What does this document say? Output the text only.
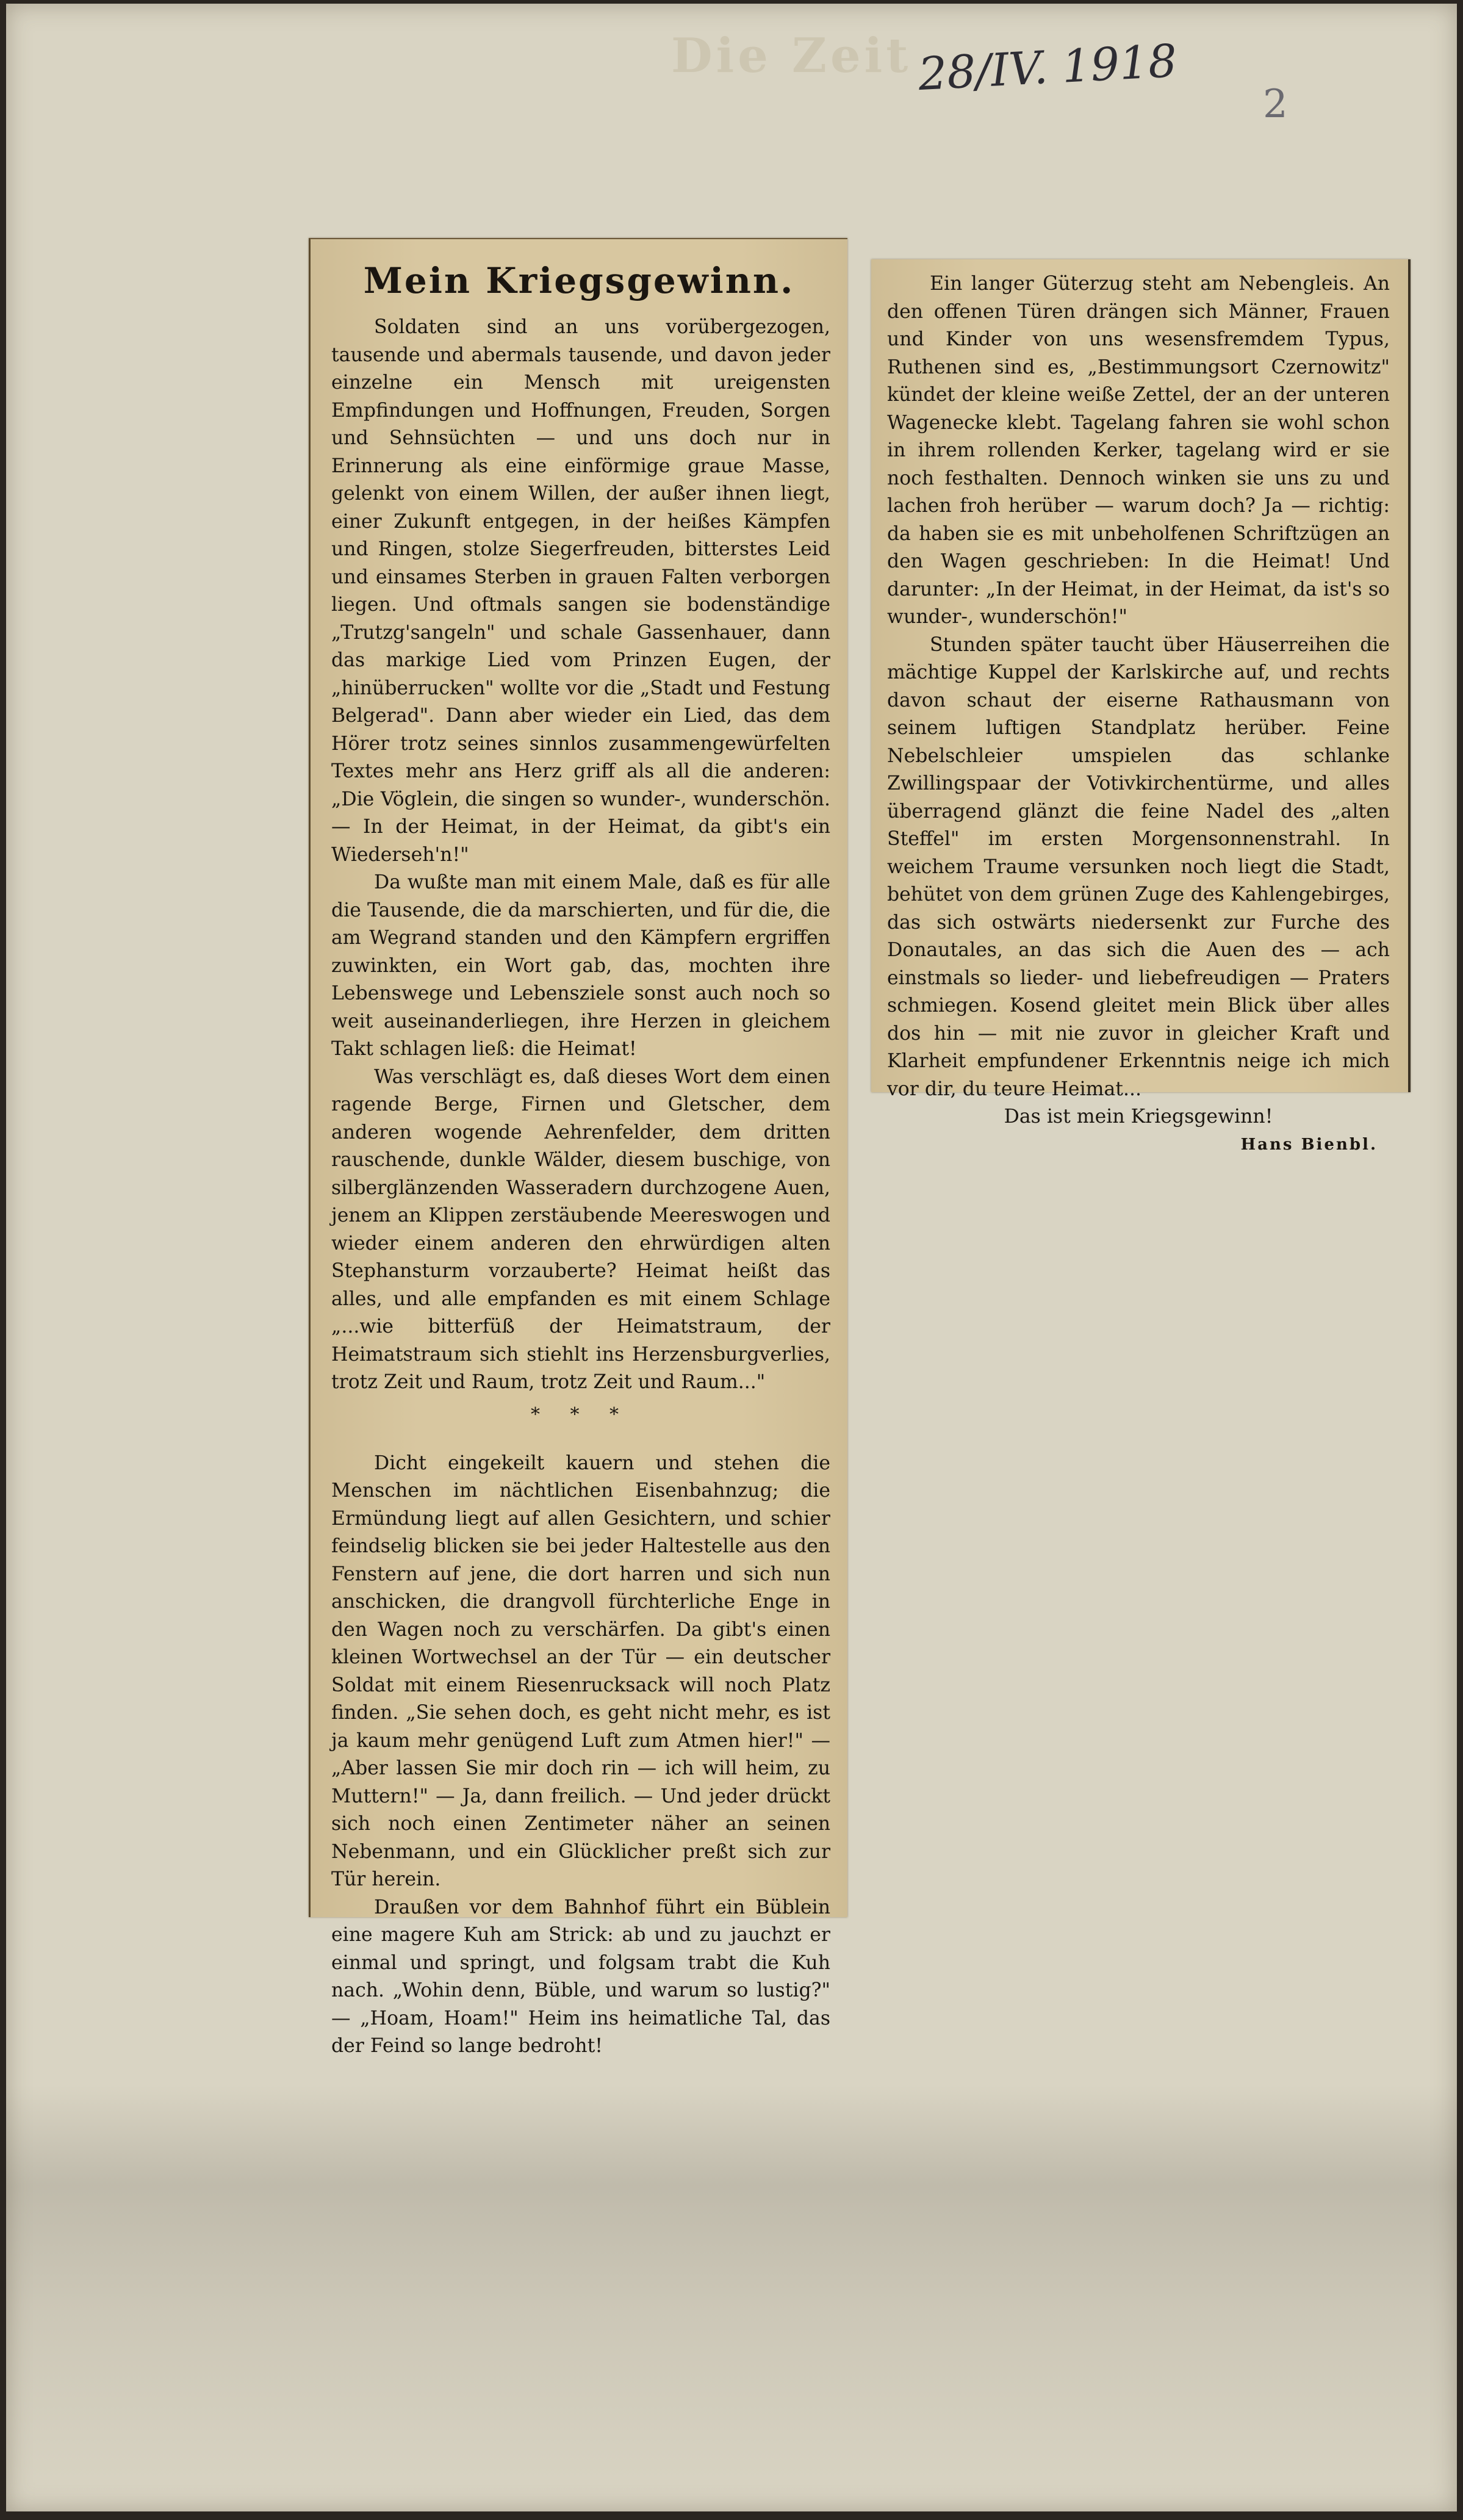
Die Zeit 28/IV. 1918
2
Mein Kriegsgewinn.

Soldaten sind an uns vorübergezogen, tausende und abermals tausende, und davon jeder einzelne ein Mensch mit ureigensten Empfindungen und Hoffnungen, Freuden, Sorgen und Sehnsüchten — und uns doch nur in Erinnerung als eine einförmige graue Masse, gelenkt von einem Willen, der außer ihnen liegt, einer Zukunft entgegen, in der heißes Kämpfen und Ringen, stolze Siegerfreuden, bitterstes Leid und einsames Sterben in grauen Falten verborgen liegen. Und oftmals sangen sie bodenständige „Trutzg'sangeln" und schale Gassenhauer, dann das markige Lied vom Prinzen Eugen, der „hinüberrucken" wollte vor die „Stadt und Festung Belgerad". Dann aber wieder ein Lied, das dem Hörer trotz seines sinnlos zusammengewürfelten Textes mehr ans Herz griff als all die anderen: „Die Vöglein, die singen so wunder-, wunderschön. — In der Heimat, in der Heimat, da gibt's ein Wiederseh'n!"

Da wußte man mit einem Male, daß es für alle die Tausende, die da marschierten, und für die, die am Wegrand standen und den Kämpfern ergriffen zuwinkten, ein Wort gab, das, mochten ihre Lebenswege und Lebensziele sonst auch noch so weit auseinanderliegen, ihre Herzen in gleichem Takt schlagen ließ: die Heimat!

Was verschlägt es, daß dieses Wort dem einen ragende Berge, Firnen und Gletscher, dem anderen wogende Aehrenfelder, dem dritten rauschende, dunkle Wälder, diesem buschige, von silberglänzenden Wasseradern durchzogene Auen, jenem an Klippen zerstäubende Meereswogen und wieder einem anderen den ehrwürdigen alten Stephansturm vorzauberte? Heimat heißt das alles, und alle empfanden es mit einem Schlage „...wie bitterfüß der Heimatstraum, der Heimatstraum sich stiehlt ins Herzensburgverlies, trotz Zeit und Raum, trotz Zeit und Raum..."

* * *

Dicht eingekeilt kauern und stehen die Menschen im nächtlichen Eisenbahnzug; die Ermündung liegt auf allen Gesichtern, und schier feindselig blicken sie bei jeder Haltestelle aus den Fenstern auf jene, die dort harren und sich nun anschicken, die drangvoll fürchterliche Enge in den Wagen noch zu verschärfen. Da gibt's einen kleinen Wortwechsel an der Tür — ein deutscher Soldat mit einem Riesenrucksack will noch Platz finden. „Sie sehen doch, es geht nicht mehr, es ist ja kaum mehr genügend Luft zum Atmen hier!" — „Aber lassen Sie mir doch rin — ich will heim, zu Muttern!" — Ja, dann freilich. — Und jeder drückt sich noch einen Zentimeter näher an seinen Nebenmann, und ein Glücklicher preßt sich zur Tür herein.

Draußen vor dem Bahnhof führt ein Büblein eine magere Kuh am Strick: ab und zu jauchzt er einmal und springt, und folgsam trabt die Kuh nach. „Wohin denn, Büble, und warum so lustig?" — „Hoam, Hoam!" Heim ins heimatliche Tal, das der Feind so lange bedroht!

Ein langer Güterzug steht am Nebengleis. An den offenen Türen drängen sich Männer, Frauen und Kinder von uns wesensfremdem Typus, Ruthenen sind es, „Bestimmungsort Czernowitz" kündet der kleine weiße Zettel, der an der unteren Wagenecke klebt. Tagelang fahren sie wohl schon in ihrem rollenden Kerker, tagelang wird er sie noch festhalten. Dennoch winken sie uns zu und lachen froh herüber — warum doch? Ja — richtig: da haben sie es mit unbeholfenen Schriftzügen an den Wagen geschrieben: In die Heimat! Und darunter: „In der Heimat, in der Heimat, da ist's so wunder-, wunderschön!"

Stunden später taucht über Häuserreihen die mächtige Kuppel der Karlskirche auf, und rechts davon schaut der eiserne Rathausmann von seinem luftigen Standplatz herüber. Feine Nebelschleier umspielen das schlanke Zwillingspaar der Votivkirchentürme, und alles überragend glänzt die feine Nadel des „alten Steffel" im ersten Morgensonnenstrahl. In weichem Traume versunken noch liegt die Stadt, behütet von dem grünen Zuge des Kahlengebirges, das sich ostwärts niedersenkt zur Furche des Donautales, an das sich die Auen des — ach einstmals so lieder- und liebefreudigen — Praters schmiegen. Kosend gleitet mein Blick über alles dos hin — mit nie zuvor in gleicher Kraft und Klarheit empfundener Erkenntnis neige ich mich vor dir, du teure Heimat...

Das ist mein Kriegsgewinn!

Hans Bienbl.
